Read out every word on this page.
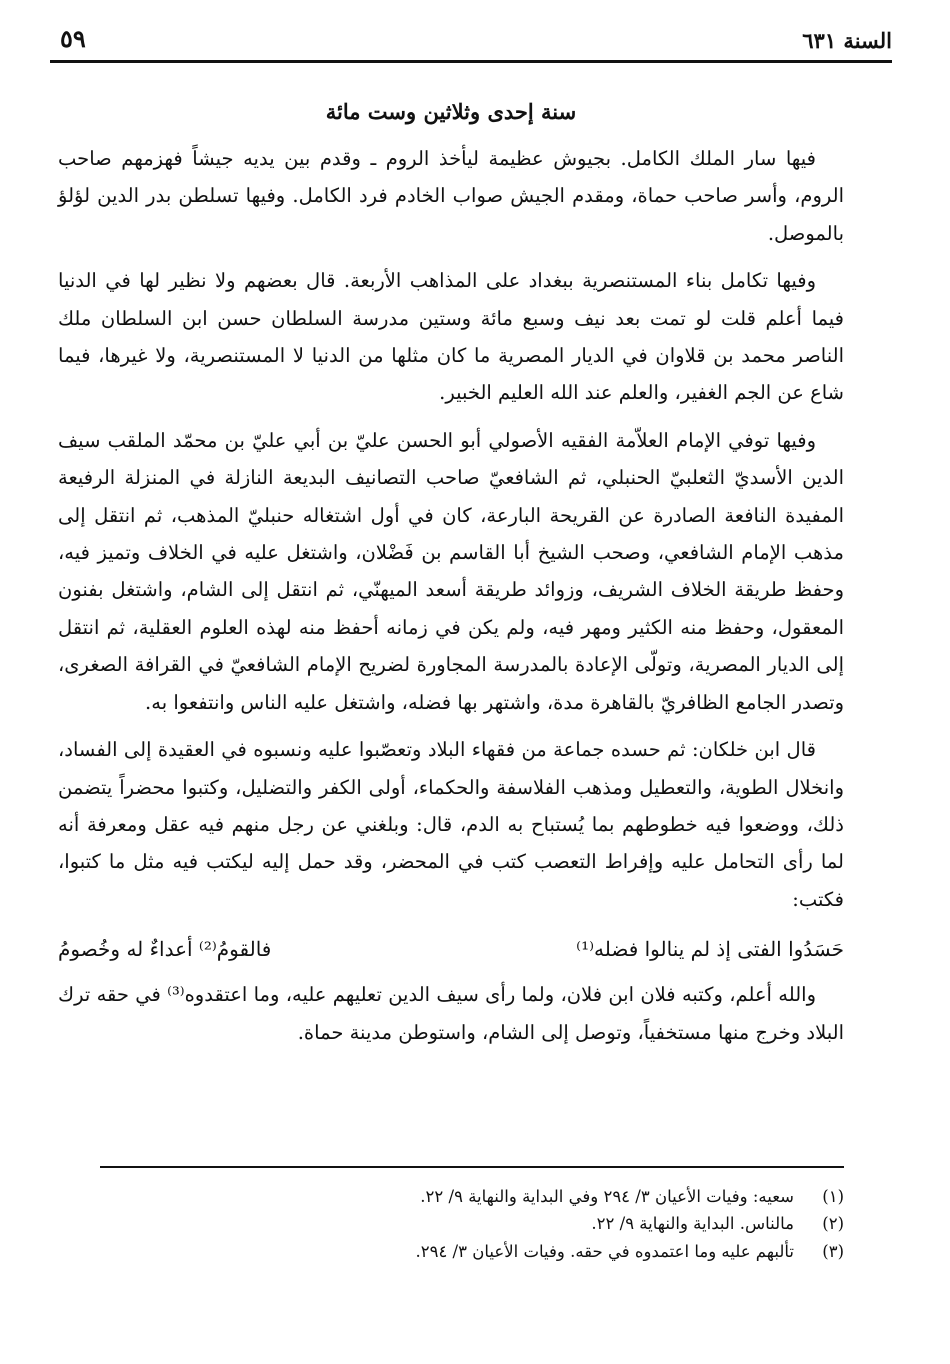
٥٩	السنة ٦٣١
سنة إحدى وثلاثين وست مائة

فيها سار الملك الكامل. بجيوش عظيمة ليأخذ الروم ـ وقدم بين يديه جيشاً فهزمهم صاحب الروم، وأسر صاحب حماة، ومقدم الجيش صواب الخادم فرد الكامل. وفيها تسلطن بدر الدين لؤلؤ بالموصل.

وفيها تكامل بناء المستنصرية ببغداد على المذاهب الأربعة. قال بعضهم ولا نظير لها في الدنيا فيما أعلم قلت لو تمت بعد نيف وسبع مائة وستين مدرسة السلطان حسن ابن السلطان ملك الناصر محمد بن قلاوان في الديار المصرية ما كان مثلها من الدنيا لا المستنصرية، ولا غيرها، فيما شاع عن الجم الغفير، والعلم عند الله العليم الخبير.

وفيها توفي الإمام العلاّمة الفقيه الأصولي أبو الحسن عليّ بن أبي عليّ بن محمّد الملقب سيف الدين الأسديّ الثعلبيّ الحنبلي، ثم الشافعيّ صاحب التصانيف البديعة النازلة في المنزلة الرفيعة المفيدة النافعة الصادرة عن القريحة البارعة، كان في أول اشتغاله حنبليّ المذهب، ثم انتقل إلى مذهب الإمام الشافعي، وصحب الشيخ أبا القاسم بن فَضْلان، واشتغل عليه في الخلاف وتميز فيه، وحفظ طريقة الخلاف الشريف، وزوائد طريقة أسعد الميهنّي، ثم انتقل إلى الشام، واشتغل بفنون المعقول، وحفظ منه الكثير ومهر فيه، ولم يكن في زمانه أحفظ منه لهذه العلوم العقلية، ثم انتقل إلى الديار المصرية، وتولّى الإعادة بالمدرسة المجاورة لضريح الإمام الشافعيّ في القرافة الصغرى، وتصدر الجامع الظافريّ بالقاهرة مدة، واشتهر بها فضله، واشتغل عليه الناس وانتفعوا به.

قال ابن خلكان: ثم حسده جماعة من فقهاء البلاد وتعصّبوا عليه ونسبوه في العقيدة إلى الفساد، وانخلال الطوية، والتعطيل ومذهب الفلاسفة والحكماء، أولى الكفر والتضليل، وكتبوا محضراً يتضمن ذلك، ووضعوا فيه خطوطهم بما يُستباح به الدم، قال: وبلغني عن رجل منهم فيه عقل ومعرفة أنه لما رأى التحامل عليه وإفراط التعصب كتب في المحضر، وقد حمل إليه ليكتب فيه مثل ما كتبوا، فكتب:

حَسَدُوا الفتى إذ لم ينالوا فضله⁽¹⁾
فالقومُ⁽²⁾ أعداءٌ له وخُصومُ

والله أعلم، وكتبه فلان ابن فلان، ولما رأى سيف الدين تعليهم عليه، وما اعتقدوه⁽³⁾ في حقه ترك البلاد وخرج منها مستخفياً، وتوصل إلى الشام، واستوطن مدينة حماة.

(١)
سعيه: وفيات الأعيان ٣/ ٢٩٤ وفي البداية والنهاية ٩/ ٢٢.
(٢)
مالناس. البداية والنهاية ٩/ ٢٢.
(٣)
تألبهم عليه وما اعتمدوه في حقه. وفيات الأعيان ٣/ ٢٩٤.
